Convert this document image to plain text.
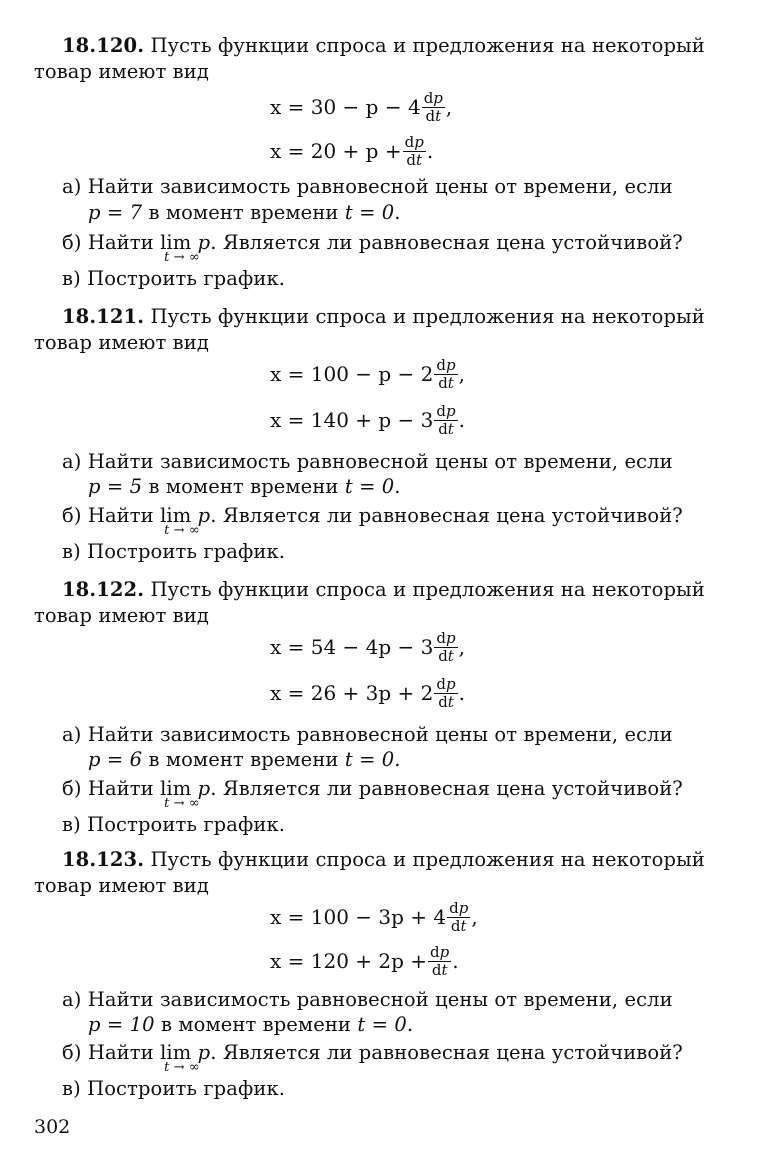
18.120. Пусть функции спроса и предложения на некоторый
товар имеют вид
$x = 30 - p - 4 \frac{dp}{dt}$ ,
$x = 20 + p + \frac{dp}{dt}$ .
а) Найти зависимость равновесной цены от времени, если
p = 7 в момент времени t = 0.
б) Найти lim
t → ∞
p. Является ли равновесная цена устойчивой?
в) Построить график.
18.121. Пусть функции спроса и предложения на некоторый
товар имеют вид
$x = 100 - p - 2 \frac{dp}{dt}$ ,
$x = 140 + p - 3 \frac{dp}{dt}$ .
а) Найти зависимость равновесной цены от времени, если
p = 5 в момент времени t = 0.
б) Найти lim
t → ∞
p. Является ли равновесная цена устойчивой?
в) Построить график.
18.122. Пусть функции спроса и предложения на некоторый
товар имеют вид
$x = 54 - 4p - 3 \frac{dp}{dt}$ ,
$x = 26 + 3p + 2 \frac{dp}{dt}$ .
а) Найти зависимость равновесной цены от времени, если
p = 6 в момент времени t = 0.
б) Найти lim
t → ∞
p. Является ли равновесная цена устойчивой?
в) Построить график.
18.123. Пусть функции спроса и предложения на некоторый
товар имеют вид
$x = 100 - 3p + 4 \frac{dp}{dt}$ ,
$x = 120 + 2p + \frac{dp}{dt}$ .
а) Найти зависимость равновесной цены от времени, если
p = 10 в момент времени t = 0.
б) Найти lim
t → ∞
p. Является ли равновесная цена устойчивой?
в) Построить график.
302
